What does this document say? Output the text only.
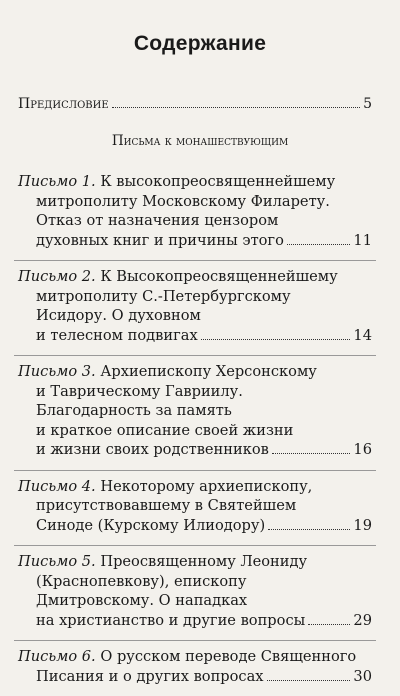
Содержание
Предисловие	5
Письма к монашествующим
Письмо 1. К высокопреосвященнейшему
митрополиту Московскому Филарету.
Отказ от назначения цензором
духовных книг и причины этого	11
Письмо 2. К Высокопреосвященнейшему
митрополиту С.-Петербургскому
Исидору. О духовном
и телесном подвигах	14
Письмо 3. Архиепископу Херсонскому
и Таврическому Гавриилу.
Благодарность за память
и краткое описание своей жизни
и жизни своих родственников	16
Письмо 4. Некоторому архиепископу,
присутствовавшему в Святейшем
Синоде (Курскому Илиодору)	19
Письмо 5. Преосвященному Леониду
(Краснопевкову), епископу
Дмитровскому. О нападках
на христианство и другие вопросы	29
Письмо 6. О русском переводе Священного
Писания и о других вопросах	30
